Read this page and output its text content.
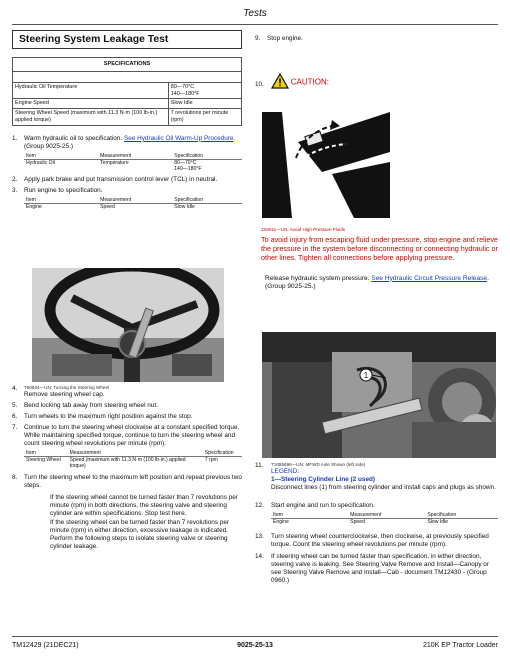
Tests
Steering System Leakage Test
SPECIFICATIONS	

Hydraulic Oil Temperature	80—70°C
140—180°F
Engine Speed	Slow Idle
Steering Wheel Speed (maximum with 11.3 N·m (100 lb-in.) applied torque)	7 revolutions per minute (rpm)
1. Warm hydraulic oil to specification. See Hydraulic Oil Warm-Up Procedure. (Group 9025-25.)
Item	Measurement	Specification
Hydraulic Oil	Temperature	80—70°C
140—180°F
2. Apply park brake and put transmission control lever (TCL) in neutral.
3. Run engine to specification.
Item	Measurement	Specification
Engine	Speed	Slow Idle
4. T90834—UN: Turning the Steering Wheel
Remove steering wheel cap.
5. Bend locking tab away from steering wheel nut.
6. Turn wheels to the maximum right position against the stop.
7. Continue to turn the steering wheel clockwise at a constant specified torque. While maintaining specified torque, continue to turn the steering wheel and count steering wheel revolutions per minute (rpm).
Item	Measurement	Specification
Steering Wheel	Speed (maximum with 11.3 N·m (100 lb-in.) applied torque)	7 rpm
8. Turn the steering wheel to the maximum left position and repeat previous two steps.
If the steering wheel cannot be turned faster than 7 revolutions per minute (rpm) in both directions, the steering valve and steering cylinder are within specifications. Stop test here.
If the steering wheel can be turned faster than 7 revolutions per minute (rpm) in either direction, excessive leakage is indicated. Perform the following steps to isolate steering valve or steering cylinder leakage.
9. Stop engine.
10.	CAUTION:
JX6011—UN: Avoid High Pressure Fluids
To avoid injury from escaping fluid under pressure, stop engine and relieve the pressure in the system before disconnecting or connecting hydraulic or other lines. Tighten all connections before applying pressure.
Release hydraulic system pressure. See Hydraulic Circuit Pressure Release. (Group 9025-25.)
1
11. T1655696—UN: MFWD Axle Shown (left side)
LEGEND:
1—Steering Cylinder Line (2 used)
Disconnect lines (1) from steering cylinder and install caps and plugs as shown.
12. Start engine and run to specification.
Item	Measurement	Specification
Engine	Speed	Slow Idle
13. Turn steering wheel counterclockwise, then clockwise, at previously specified torque. Count the steering wheel revolutions per minute (rpm).
14. If steering wheel can be turned faster than specification, in either direction, steering valve is leaking. See Steering Valve Remove and Install—Canopy or see Steering Valve Remove and Install—Cab - document TM12430 - (Group 0960.)
TM12429 (21DEC21)	9025-25-13	210K EP Tractor Loader
